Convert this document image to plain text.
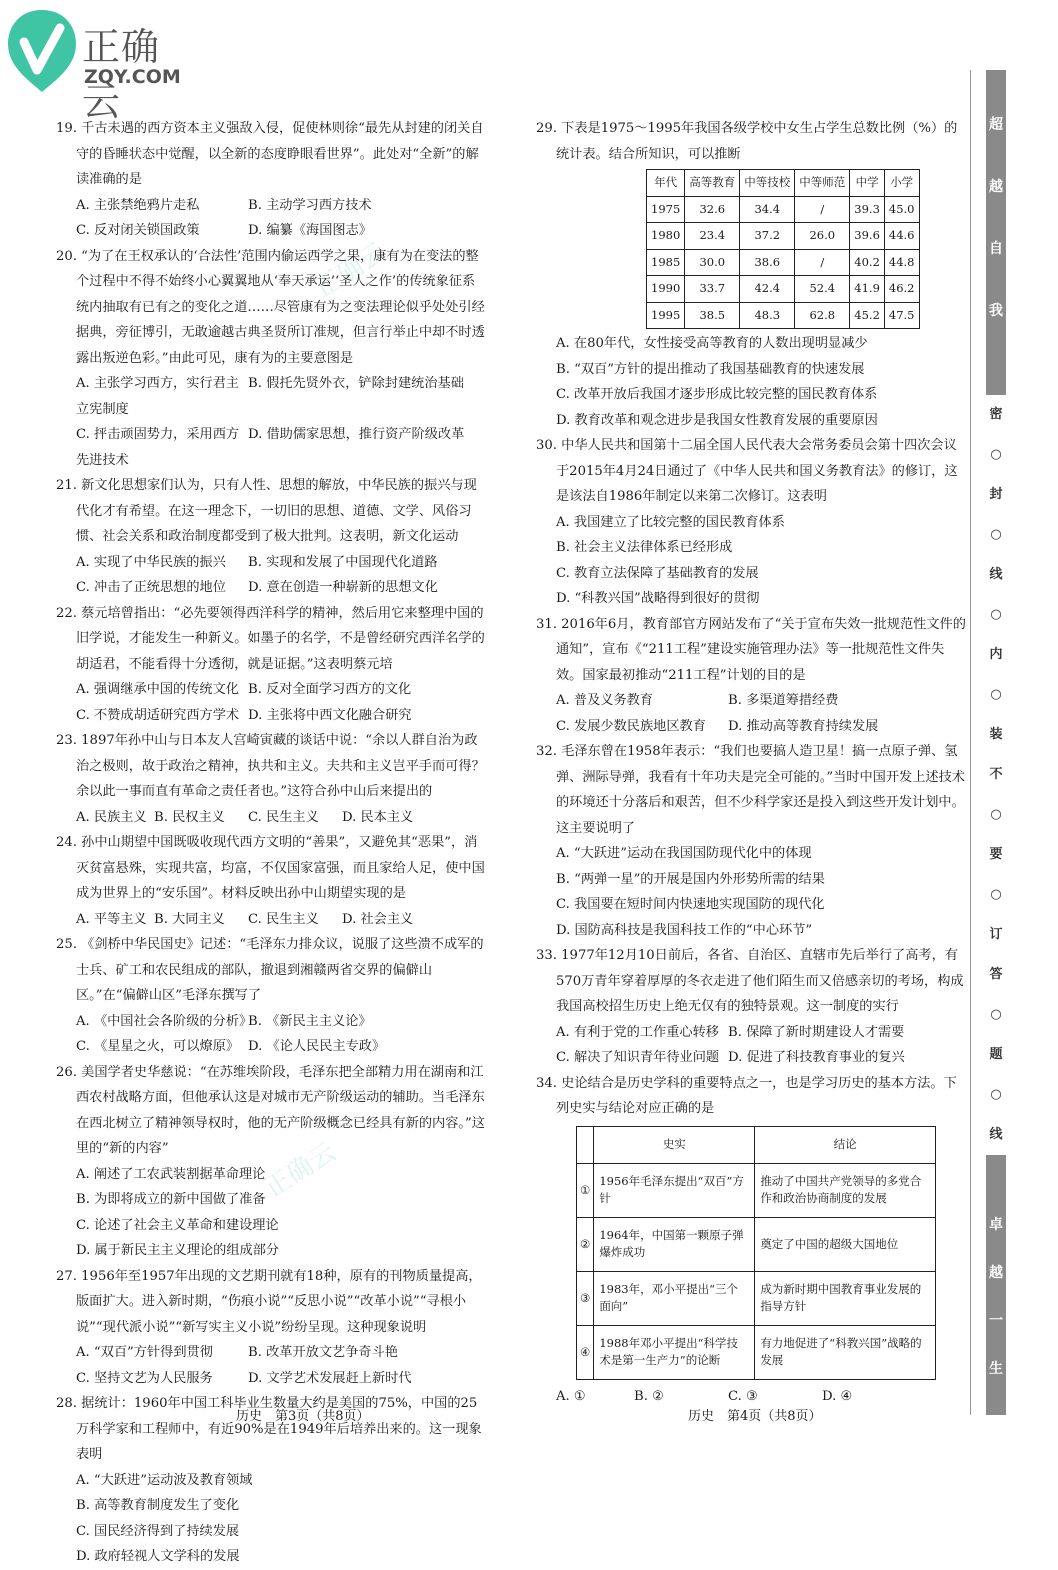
正确云
ZQY.COM
正确云
正确云

19. 千古未遇的西方资本主义强敌入侵，促使林则徐“最先从封建的闭关自守的昏睡状态中觉醒，以全新的态度睁眼看世界”。此处对“全新”的解读准确的是

A. 主张禁绝鸦片走私	B. 主动学习西方技术
C. 反对闭关锁国政策	D. 编纂《海国图志》

20. “为了在王权承认的‘合法性’范围内偷运西学之果，康有为在变法的整个过程中不得不始终小心翼翼地从‘奉天承运’‘圣人之作’的传统象征系统内抽取有已有之的变化之道……尽管康有为之变法理论似乎处处引经据典，旁征博引，无敢逾越古典圣贤所订准规，但言行举止中却不时透露出叛逆色彩。”由此可见，康有为的主要意图是

A. 主张学习西方，实行君主立宪制度
B. 假托先贤外衣，铲除封建统治基础
C. 抨击顽固势力，采用西方先进技术
D. 借助儒家思想，推行资产阶级改革

21. 新文化思想家们认为，只有人性、思想的解放，中华民族的振兴与现代化才有希望。在这一理念下，一切旧的思想、道德、文学、风俗习惯、社会关系和政治制度都受到了极大批判。这表明，新文化运动

A. 实现了中华民族的振兴	B. 实现和发展了中国现代化道路
C. 冲击了正统思想的地位	D. 意在创造一种崭新的思想文化

22. 蔡元培曾指出：“必先要领得西洋科学的精神，然后用它来整理中国的旧学说，才能发生一种新义。如墨子的名学，不是曾经研究西洋名学的胡适君，不能看得十分透彻，就是证据。”这表明蔡元培

A. 强调继承中国的传统文化 B. 反对全面学习西方的文化
C. 不赞成胡适研究西方学术 D. 主张将中西文化融合研究

23. 1897年孙中山与日本友人宫崎寅藏的谈话中说：“余以人群自治为政治之极则，故于政治之精神，执共和主义。夫共和主义岂平手而可得？余以此一事而直有革命之责任者也。”这符合孙中山后来提出的

A. 民族主义 B. 民权主义	C. 民生主义	D. 民本主义

24. 孙中山期望中国既吸收现代西方文明的“善果”，又避免其“恶果”，消灭贫富悬殊，实现共富，均富，不仅国家富强，而且家给人足，使中国成为世界上的“安乐国”。材料反映出孙中山期望实现的是

A. 平等主义 B. 大同主义	C. 民生主义	D. 社会主义

25. 《剑桥中华民国史》记述：“毛泽东力排众议，说服了这些溃不成军的士兵、矿工和农民组成的部队，撤退到湘赣两省交界的偏僻山区。”在“偏僻山区”毛泽东撰写了

A. 《中国社会各阶级的分析》
B. 《新民主主义论》
C. 《星星之火，可以燎原》 D. 《论人民民主专政》

26. 美国学者史华慈说：“在苏维埃阶段，毛泽东把全部精力用在湖南和江西农村战略方面，但他承认这是对城市无产阶级运动的辅助。当毛泽东在西北树立了精神领导权时，他的无产阶级概念已经具有新的内容。”这里的“新的内容”

A. 阐述了工农武装割据革命理论
B. 为即将成立的新中国做了准备
C. 论述了社会主义革命和建设理论
D. 属于新民主主义理论的组成部分

27. 1956年至1957年出现的文艺期刊就有18种，原有的刊物质量提高，版面扩大。进入新时期，“伤痕小说”“反思小说”“改革小说”“寻根小说”“现代派小说”“新写实主义小说”纷纷呈现。这种现象说明

A. “双百”方针得到贯彻	B. 改革开放文艺争奇斗艳
C. 坚持文艺为人民服务	D. 文学艺术发展赶上新时代

28. 据统计：1960年中国工科毕业生数量大约是美国的75%，中国的25万科学家和工程师中，有近90%是在1949年后培养出来的。这一现象表明

A. “大跃进”运动波及教育领域
B. 高等教育制度发生了变化
C. 国民经济得到了持续发展
D. 政府轻视人文学科的发展

29. 下表是1975～1995年我国各级学校中女生占学生总数比例（%）的统计表。结合所知识，可以推断

年代	高等教育	中等技校	中等师范	中学	小学
1975	32.6	34.4	/	39.3	45.0
1980	23.4	37.2	26.0	39.6	44.6
1985	30.0	38.6	/	40.2	44.8
1990	33.7	42.4	52.4	41.9	46.2
1995	38.5	48.3	62.8	45.2	47.5
A. 在80年代，女性接受高等教育的人数出现明显减少
B. “双百”方针的提出推动了我国基础教育的快速发展
C. 改革开放后我国才逐步形成比较完整的国民教育体系
D. 教育改革和观念进步是我国女性教育发展的重要原因

30. 中华人民共和国第十二届全国人民代表大会常务委员会第十四次会议于2015年4月24日通过了《中华人民共和国义务教育法》的修订，这是该法自1986年制定以来第二次修订。这表明

A. 我国建立了比较完整的国民教育体系
B. 社会主义法律体系已经形成
C. 教育立法保障了基础教育的发展
D. “科教兴国”战略得到很好的贯彻

31. 2016年6月，教育部官方网站发布了“关于宣布失效一批规范性文件的通知”，宣布《“211工程”建设实施管理办法》等一批规范性文件失效。国家最初推动“211工程”计划的目的是

A. 普及义务教育	B. 多渠道筹措经费
C. 发展少数民族地区教育	D. 推动高等教育持续发展

32. 毛泽东曾在1958年表示：“我们也要搞人造卫星！搞一点原子弹、氢弹、洲际导弹，我看有十年功夫是完全可能的。”当时中国开发上述技术的环境还十分落后和艰苦，但不少科学家还是投入到这些开发计划中。这主要说明了

A. “大跃进”运动在我国国防现代化中的体现
B. “两弹一星”的开展是国内外形势所需的结果
C. 我国要在短时间内快速地实现国防的现代化
D. 国防高科技是我国科技工作的“中心环节”

33. 1977年12月10日前后，各省、自治区、直辖市先后举行了高考，有570万青年穿着厚厚的冬衣走进了他们陌生而又倍感亲切的考场，构成我国高校招生历史上绝无仅有的独特景观。这一制度的实行

A. 有利于党的工作重心转移 B. 保障了新时期建设人才需要
C. 解决了知识青年待业问题 D. 促进了科技教育事业的复兴

34. 史论结合是历史学科的重要特点之一，也是学习历史的基本方法。下列史实与结论对应正确的是

	史实	结论
①	1956年毛泽东提出“双百”方针	推动了中国共产党领导的多党合作和政治协商制度的发展
②	1964年，中国第一颗原子弹爆炸成功	奠定了中国的超级大国地位
③	1983年，邓小平提出“三个面向”	成为新时期中国教育事业发展的指导方针
④	1988年邓小平提出“科学技术是第一生产力”的论断	有力地促进了“科教兴国”战略的发展
A. ①	B. ②	C. ③	D. ④
历史　第3页（共8页）	历史　第4页（共8页）
超
越
自
我
密
○
封
○
线
○
内
○
装
不
○
要
○
订
答
○
题
○
线
卓
越
一
生
